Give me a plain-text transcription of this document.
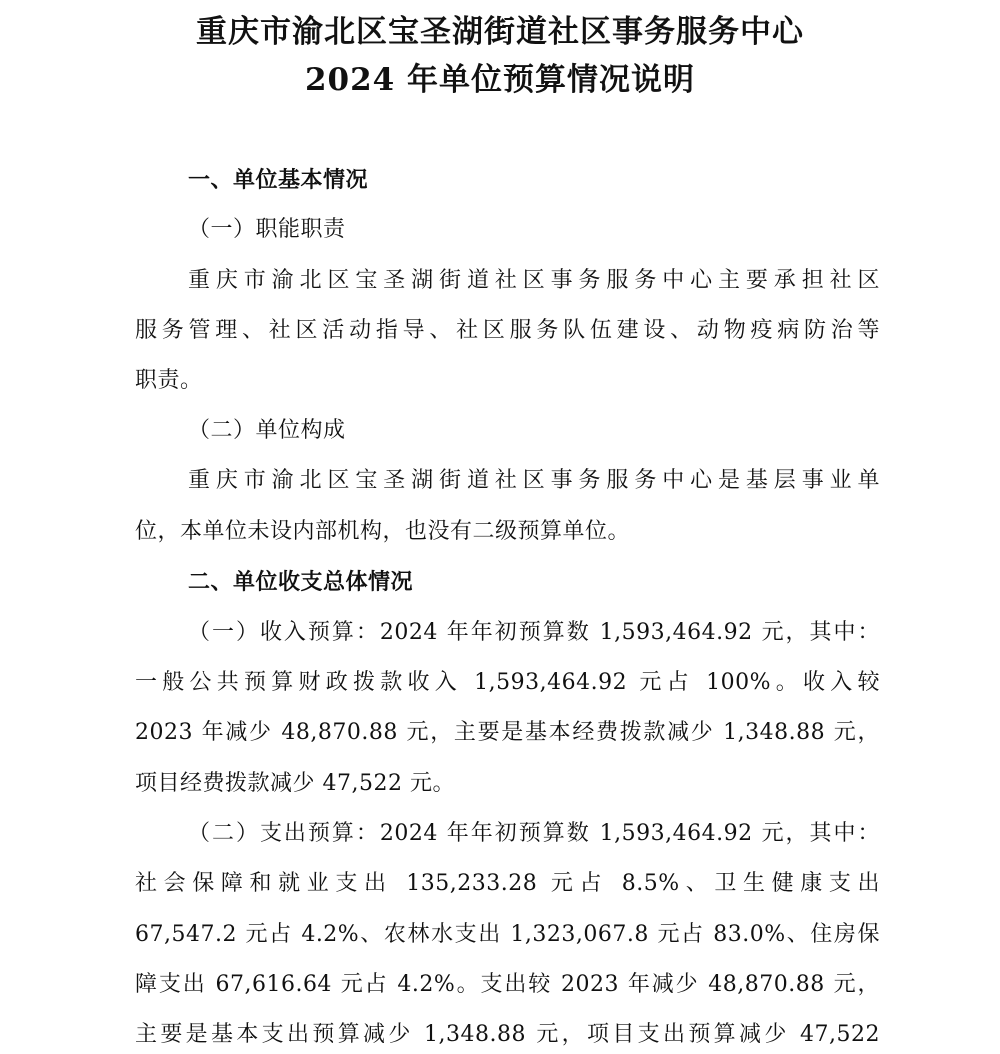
重庆市渝北区宝圣湖街道社区事务服务中心
2024 年单位预算情况说明
一、单位基本情况
（一）职能职责
重庆市渝北区宝圣湖街道社区事务服务中心主要承担社区
服务管理、社区活动指导、社区服务队伍建设、动物疫病防治等
职责。
（二）单位构成
重庆市渝北区宝圣湖街道社区事务服务中心是基层事业单
位，本单位未设内部机构，也没有二级预算单位。
二、单位收支总体情况
（一）收入预算：2024 年年初预算数 1,593,464.92 元，其中：
一般公共预算财政拨款收入 1,593,464.92 元占 100%。收入较
2023 年减少 48,870.88 元，主要是基本经费拨款减少 1,348.88 元，
项目经费拨款减少 47,522 元。
（二）支出预算：2024 年年初预算数 1,593,464.92 元，其中：
社会保障和就业支出 135,233.28 元占 8.5%、卫生健康支出
67,547.2 元占 4.2%、农林水支出 1,323,067.8 元占 83.0%、住房保
障支出 67,616.64 元占 4.2%。支出较 2023 年减少 48,870.88 元，
主要是基本支出预算减少 1,348.88 元，项目支出预算减少 47,522
